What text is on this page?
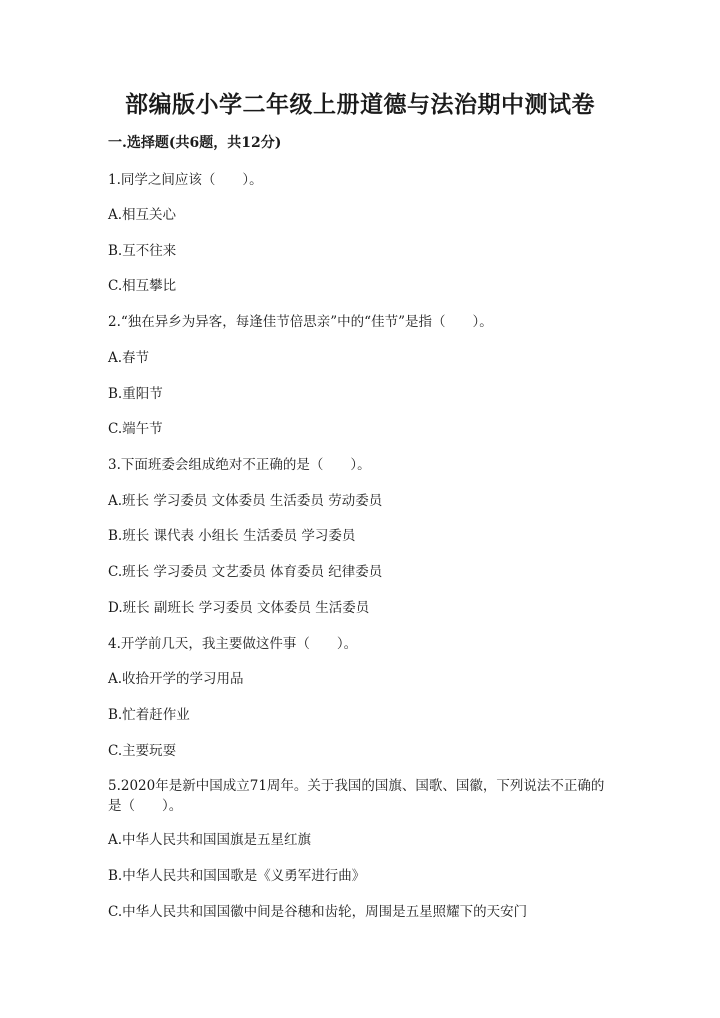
部编版小学二年级上册道德与法治期中测试卷
一.选择题(共6题，共12分)
1.同学之间应该（　　）。
A.相互关心
B.互不往来
C.相互攀比
2.“独在异乡为异客，每逢佳节倍思亲”中的“佳节”是指（　　）。
A.春节
B.重阳节
C.端午节
3.下面班委会组成绝对不正确的是（　　）。
A.班长 学习委员 文体委员 生活委员 劳动委员
B.班长 课代表 小组长 生活委员 学习委员
C.班长 学习委员 文艺委员 体育委员 纪律委员
D.班长 副班长 学习委员 文体委员 生活委员
4.开学前几天，我主要做这件事（　　）。
A.收拾开学的学习用品
B.忙着赶作业
C.主要玩耍
5.2020年是新中国成立71周年。关于我国的国旗、国歌、国徽，下列说法不正确的是（　　）。
A.中华人民共和国国旗是五星红旗
B.中华人民共和国国歌是《义勇军进行曲》
C.中华人民共和国国徽中间是谷穗和齿轮，周围是五星照耀下的天安门
